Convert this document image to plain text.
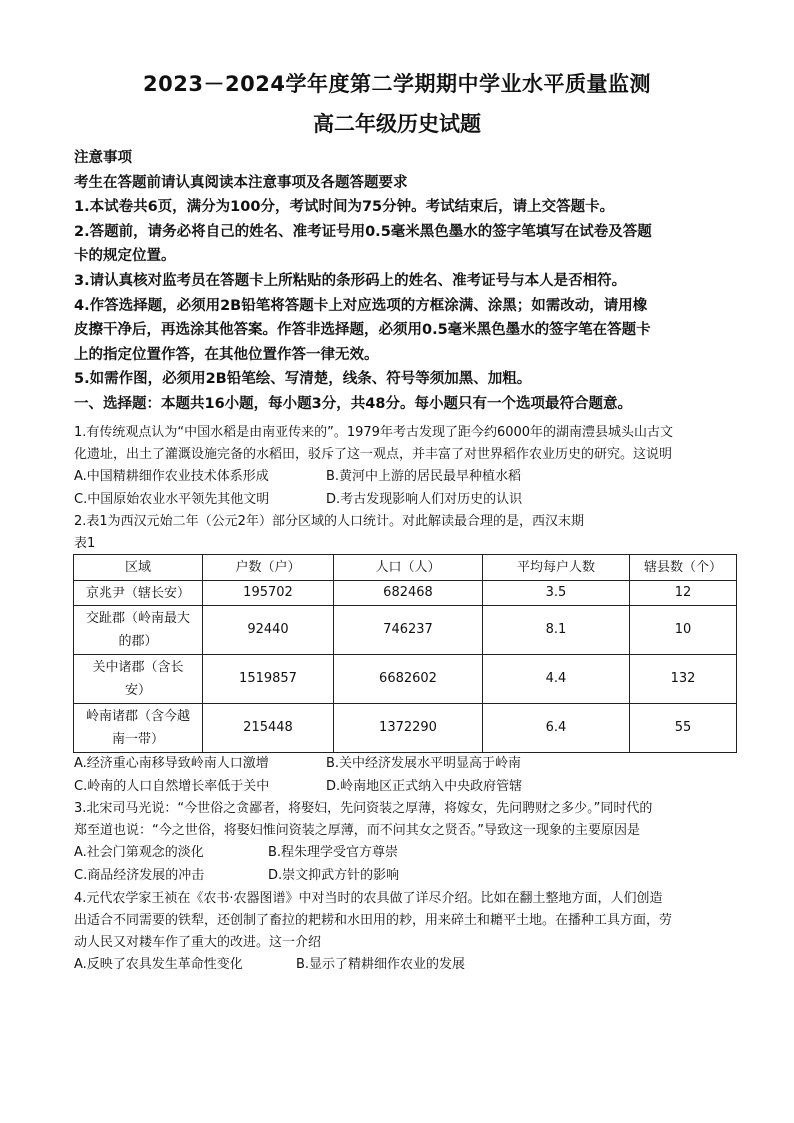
2023－2024学年度第二学期期中学业水平质量监测
高二年级历史试题
注意事项
考生在答题前请认真阅读本注意事项及各题答题要求
1.本试卷共6页，满分为100分，考试时间为75分钟。考试结束后，请上交答题卡。
2.答题前，请务必将自己的姓名、准考证号用0.5毫米黑色墨水的签字笔填写在试卷及答题
卡的规定位置。
3.请认真核对监考员在答题卡上所粘贴的条形码上的姓名、准考证号与本人是否相符。
4.作答选择题，必须用2B铅笔将答题卡上对应选项的方框涂满、涂黑；如需改动，请用橡
皮擦干净后，再选涂其他答案。作答非选择题，必须用0.5毫米黑色墨水的签字笔在答题卡
上的指定位置作答，在其他位置作答一律无效。
5.如需作图，必须用2B铅笔绘、写清楚，线条、符号等须加黑、加粗。
一、选择题：本题共16小题，每小题3分，共48分。每小题只有一个选项最符合题意。
1.有传统观点认为“中国水稻是由南亚传来的”。1979年考古发现了距今约6000年的湖南澧县城头山古文
化遗址，出土了灌溉设施完备的水稻田，驳斥了这一观点，并丰富了对世界稻作农业历史的研究。这说明
A.中国精耕细作农业技术体系形成	B.黄河中上游的居民最早种植水稻
C.中国原始农业水平领先其他文明	D.考古发现影响人们对历史的认识
2.表1为西汉元始二年（公元2年）部分区域的人口统计。对此解读最合理的是，西汉末期
表1
区域	户数（户）	人口（人）	平均每户人数	辖县数（个）
京兆尹（辖长安）	195702	682468	3.5	12

交趾郡（岭南最大
的郡）	92440	746237	8.1	10

关中诸郡（含长
安）	1519857	6682602	4.4	132

岭南诸郡（含今越
南一带）	215448	1372290	6.4	55
A.经济重心南移导致岭南人口激增	B.关中经济发展水平明显高于岭南
C.岭南的人口自然增长率低于关中	D.岭南地区正式纳入中央政府管辖
3.北宋司马光说：“今世俗之贪鄙者，将娶妇，先问资装之厚薄，将嫁女，先问聘财之多少。”同时代的
郑至道也说：“今之世俗，将娶妇惟问资装之厚薄，而不问其女之贤否。”导致这一现象的主要原因是
A.社会门第观念的淡化	B.程朱理学受官方尊崇
C.商品经济发展的冲击	D.崇文抑武方针的影响
4.元代农学家王祯在《农书·农器图谱》中对当时的农具做了详尽介绍。比如在翻土整地方面，人们创造
出适合不同需要的铁犁，还创制了畜拉的耙耢和水田用的耖，用来碎土和耱平土地。在播种工具方面，劳
动人民又对耧车作了重大的改进。这一介绍
A.反映了农具发生革命性变化	B.显示了精耕细作农业的发展
